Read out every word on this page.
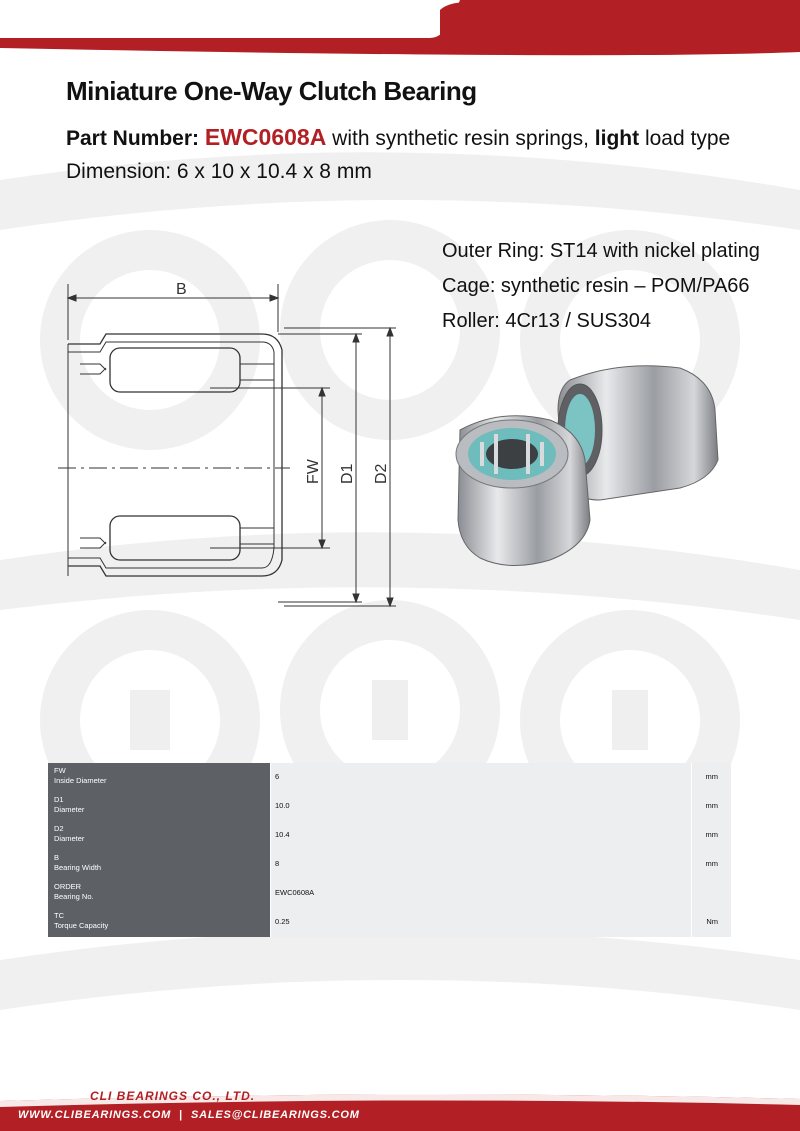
Miniature One-Way Clutch Bearing
Part Number: EWC0608A with synthetic resin springs, light load type
Dimension: 6 x 10 x 10.4 x 8 mm
Outer Ring: ST14 with nickel plating
Cage: synthetic resin – POM/PA66
Roller: 4Cr13 / SUS304
B
FW D1 D2
FW
Inside Diameter	6	mm
D1
Diameter	10.0	mm
D2
Diameter	10.4	mm
B
Bearing Width	8	mm
ORDER
Bearing No.	EWC0608A
TC
Torque Capacity	0.25	Nm
CLI BEARINGS CO., LTD.
WWW.CLIBEARINGS.COM | SALES@CLIBEARINGS.COM
